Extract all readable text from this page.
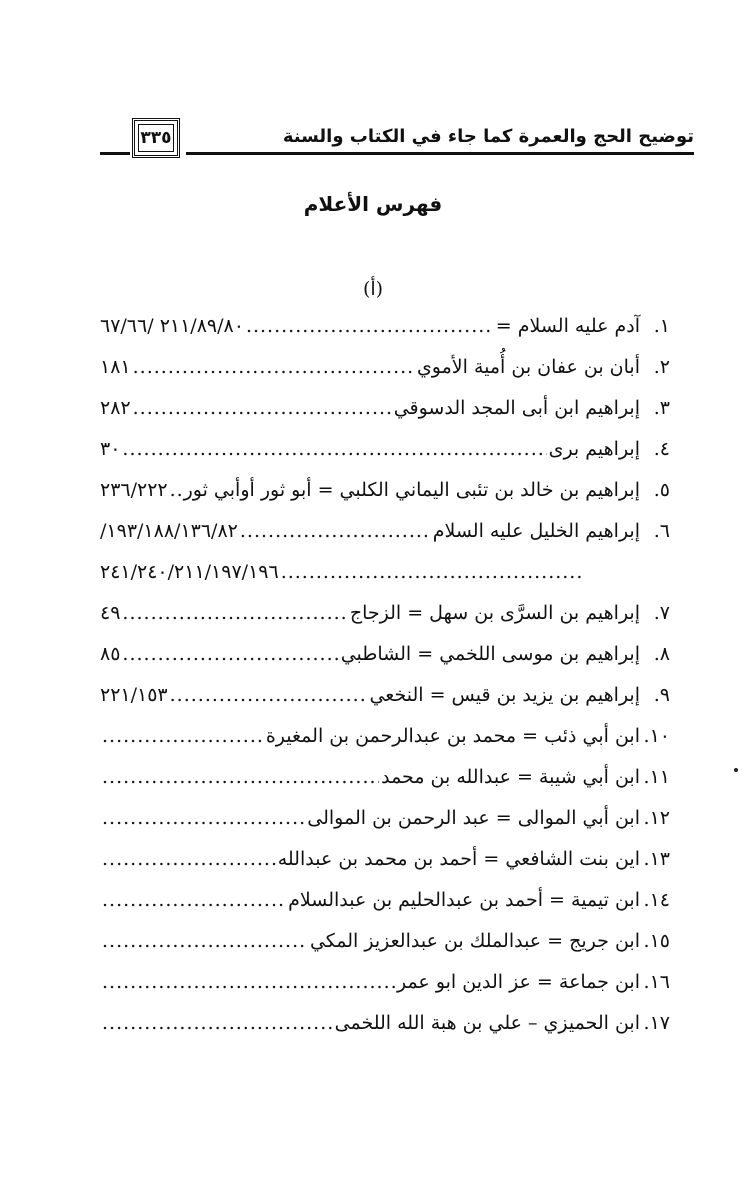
توضيح الحج والعمرة كما جاء في الكتاب والسنة
٣٣٥
فهرس الأعلام
(أ)
١.
آدم عليه السلام =
.....
٢١١/٨٩/٨٠ /٦٧/٦٦
٢.
أبان بن عفان بن أُمية الأموي
.....
١٨١
٣.
إبراهيم ابن أبى المجد الدسوقي
.....
٢٨٢
٤.
إبراهيم برى
.....
٣٠
٥.
إبراهيم بن خالد بن تئبى اليماني الكلبي = أبو ثور أوأبي ثور
.....
٢٣٦/٢٢٢
٦.
إبراهيم الخليل عليه السلام
.....
/١٩٣/١٨٨/١٣٦/٨٢
٢٤١/٢٤٠/٢١١/١٩٧/١٩٦
.....
٧.
إبراهيم بن السرَّى بن سهل = الزجاج
.....
٤٩
٨.
إبراهيم بن موسى اللخمي = الشاطبي
.....
٨٥
٩.
إبراهيم بن يزيد بن قيس = النخعي
.....
٢٢١/١٥٣
١٠.
ابن أبي ذئب = محمد بن عبدالرحمن بن المغيرة
.....
١١.
ابن أبي شيبة = عبدالله بن محمد
.....
١٢.
ابن أبي الموالى = عبد الرحمن بن الموالى
.....
١٣.
اين بنت الشافعي = أحمد بن محمد بن عبدالله
.....
١٤.
ابن تيمية = أحمد بن عبدالحليم بن عبدالسلام
.....
١٥.
ابن جريج = عبدالملك بن عبدالعزيز المكي
.....
١٦.
ابن جماعة = عز الدين ابو عمر
.....
١٧.
ابن الحميزي – علي بن هبة الله اللخمى
.....
